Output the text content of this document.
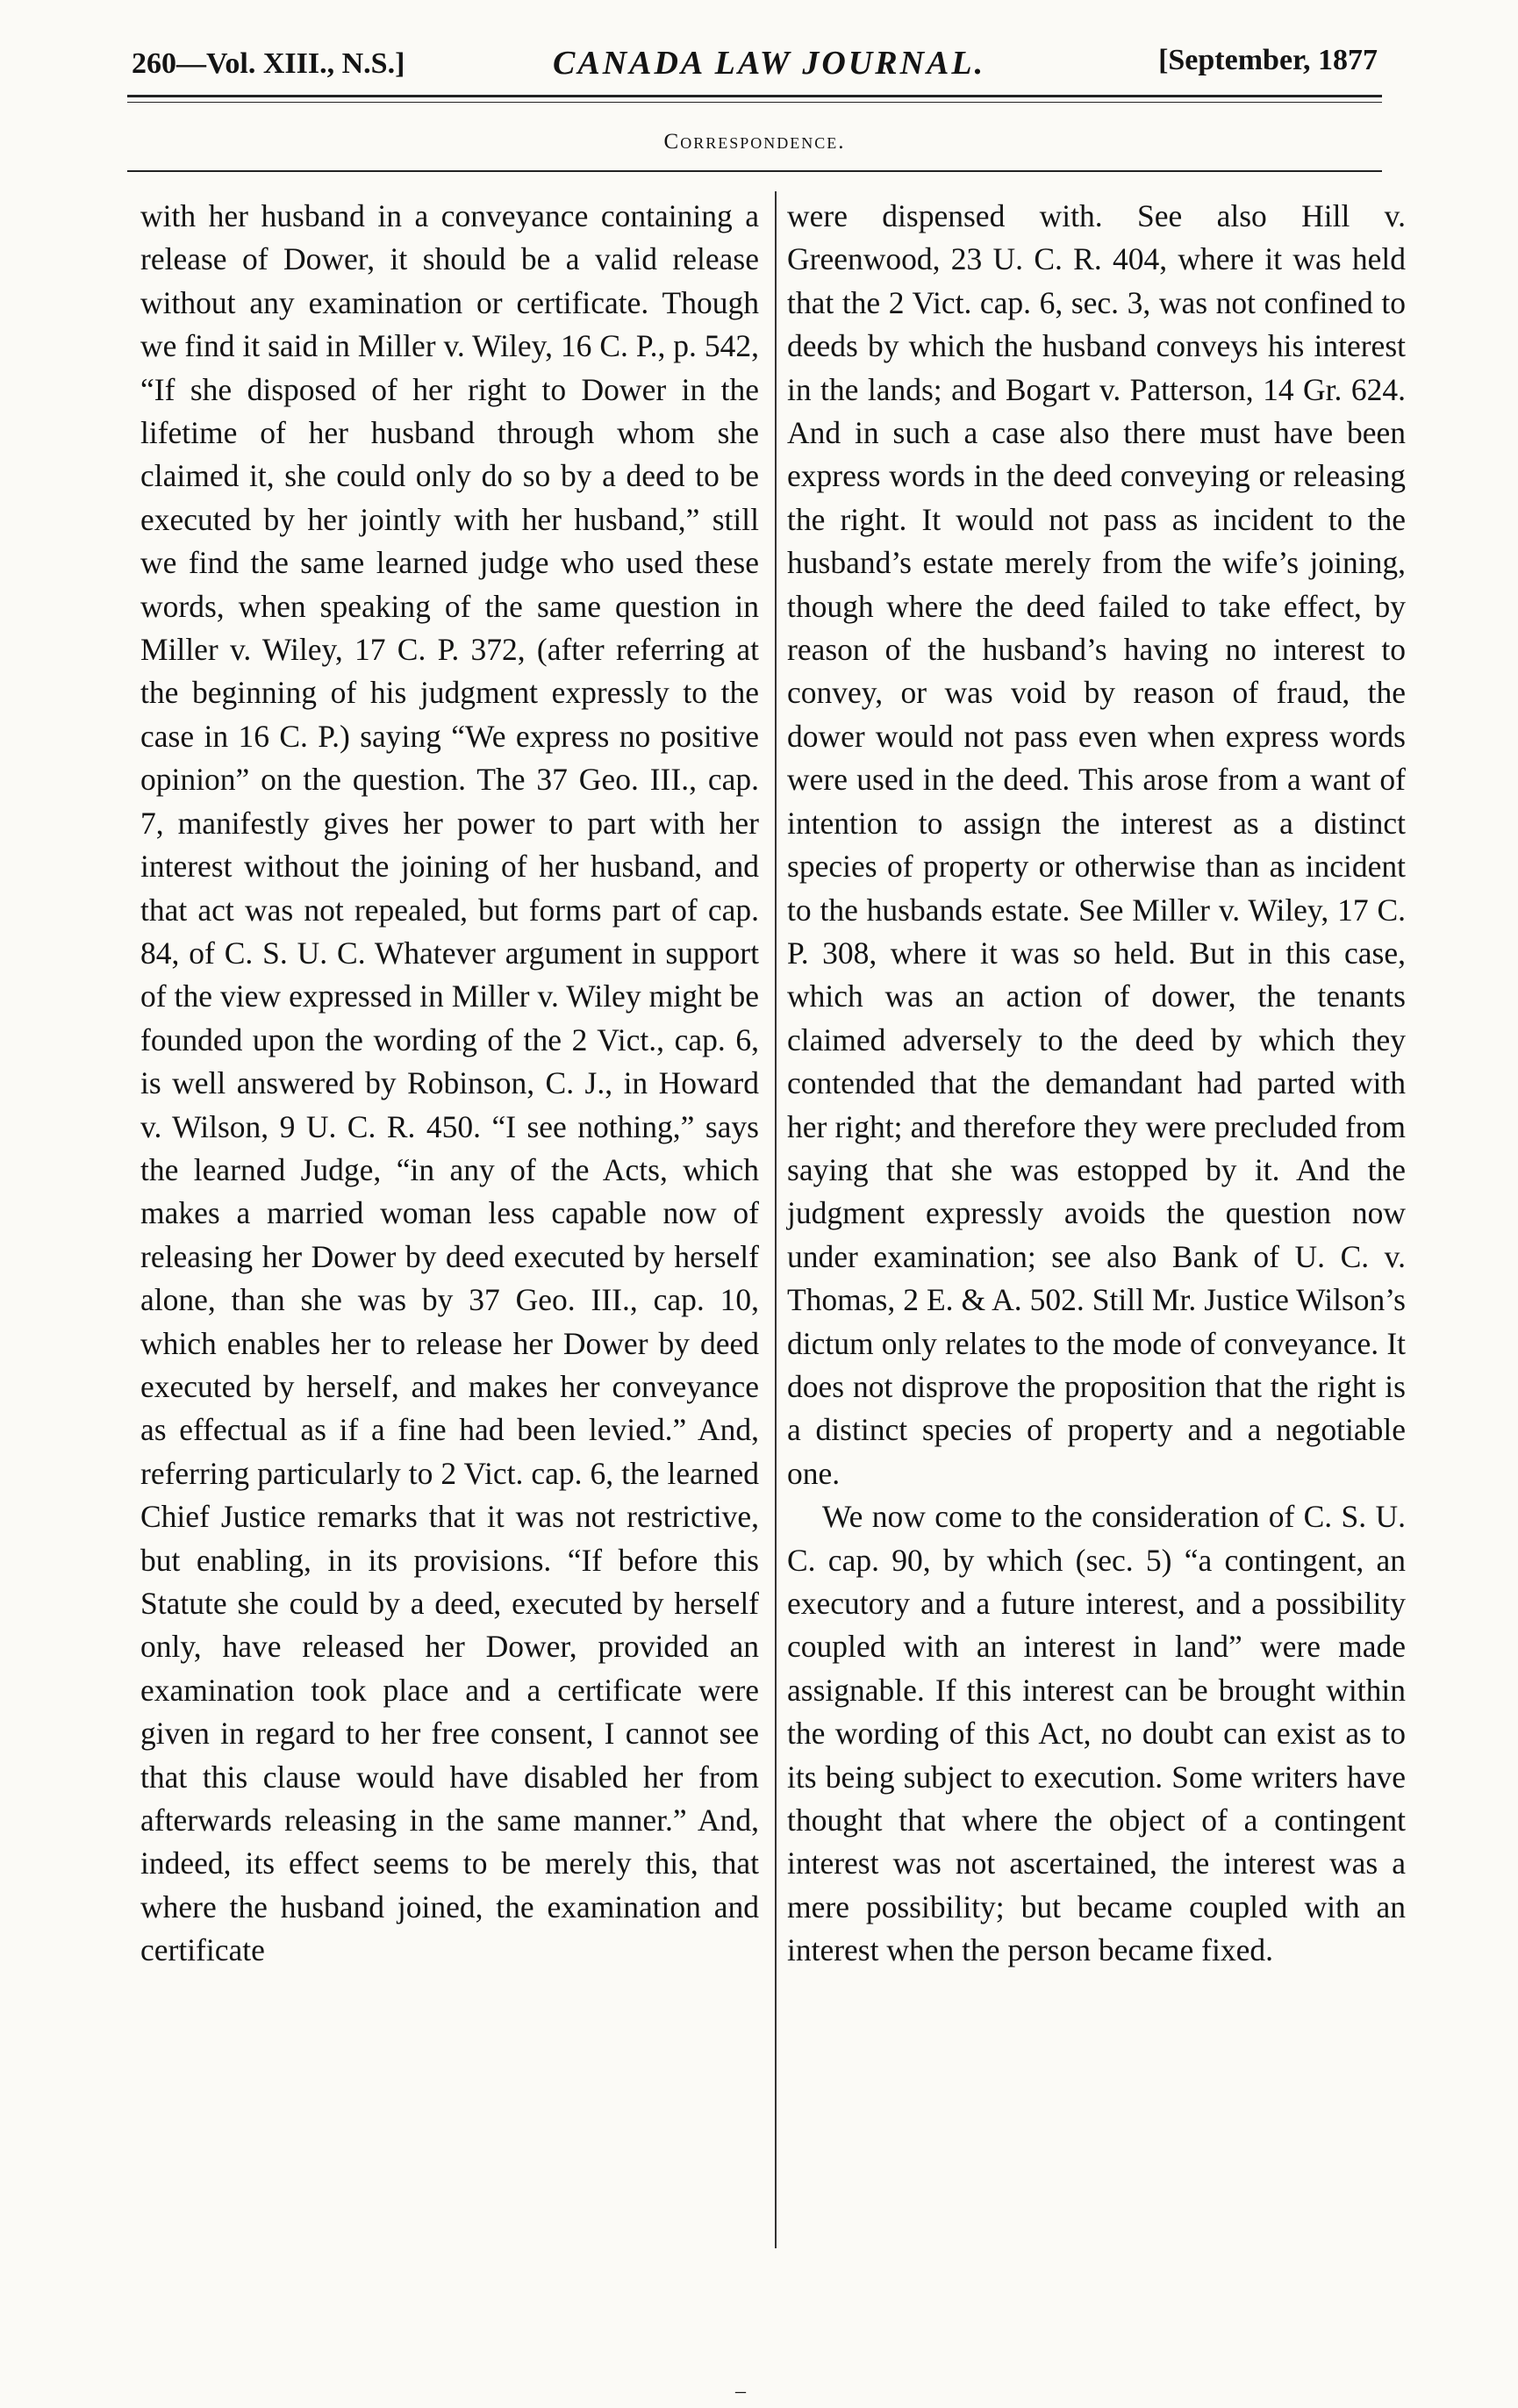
260—Vol. XIII., N.S.]	CANADA LAW JOURNAL.	[September, 1877
Correspondence.

with her husband in a conveyance containing a release of Dower, it should be a valid release without any examination or certificate. Though we find it said in Miller v. Wiley, 16 C. P., p. 542, “If she disposed of her right to Dower in the lifetime of her husband through whom she claimed it, she could only do so by a deed to be executed by her jointly with her husband,” still we find the same learned judge who used these words, when speaking of the same question in Miller v. Wiley, 17 C. P. 372, (after referring at the beginning of his judgment expressly to the case in 16 C. P.) saying “We express no positive opinion” on the question. The 37 Geo. III., cap. 7, manifestly gives her power to part with her interest without the joining of her husband, and that act was not repealed, but forms part of cap. 84, of C. S. U. C. Whatever argument in support of the view expressed in Miller v. Wiley might be founded upon the wording of the 2 Vict., cap. 6, is well answered by Robinson, C. J., in Howard v. Wilson, 9 U. C. R. 450. “I see nothing,” says the learned Judge, “in any of the Acts, which makes a married woman less capable now of releasing her Dower by deed executed by herself alone, than she was by 37 Geo. III., cap. 10, which enables her to release her Dower by deed executed by herself, and makes her conveyance as effectual as if a fine had been levied.” And, referring particularly to 2 Vict. cap. 6, the learned Chief Justice remarks that it was not restrictive, but enabling, in its provisions. “If before this Statute she could by a deed, executed by herself only, have released her Dower, provided an examination took place and a certificate were given in regard to her free consent, I cannot see that this clause would have disabled her from afterwards releasing in the same manner.” And, indeed, its effect seems to be merely this, that where the husband joined, the examination and certificate

were dispensed with. See also Hill v. Greenwood, 23 U. C. R. 404, where it was held that the 2 Vict. cap. 6, sec. 3, was not confined to deeds by which the husband conveys his interest in the lands; and Bogart v. Patterson, 14 Gr. 624. And in such a case also there must have been express words in the deed conveying or releasing the right. It would not pass as incident to the husband’s estate merely from the wife’s joining, though where the deed failed to take effect, by reason of the husband’s having no interest to convey, or was void by reason of fraud, the dower would not pass even when express words were used in the deed. This arose from a want of intention to assign the interest as a distinct species of property or otherwise than as incident to the husbands estate. See Miller v. Wiley, 17 C. P. 308, where it was so held. But in this case, which was an action of dower, the tenants claimed adversely to the deed by which they contended that the demandant had parted with her right; and therefore they were precluded from saying that she was estopped by it. And the judgment expressly avoids the question now under examination; see also Bank of U. C. v. Thomas, 2 E. & A. 502. Still Mr. Justice Wilson’s dictum only relates to the mode of conveyance. It does not disprove the proposition that the right is a distinct species of property and a negotiable one.

We now come to the consideration of C. S. U. C. cap. 90, by which (sec. 5) “a contingent, an executory and a future interest, and a possibility coupled with an interest in land” were made assignable. If this interest can be brought within the wording of this Act, no doubt can exist as to its being subject to execution. Some writers have thought that where the object of a contingent interest was not ascertained, the interest was a mere possibility; but became coupled with an interest when the person became fixed.

–
